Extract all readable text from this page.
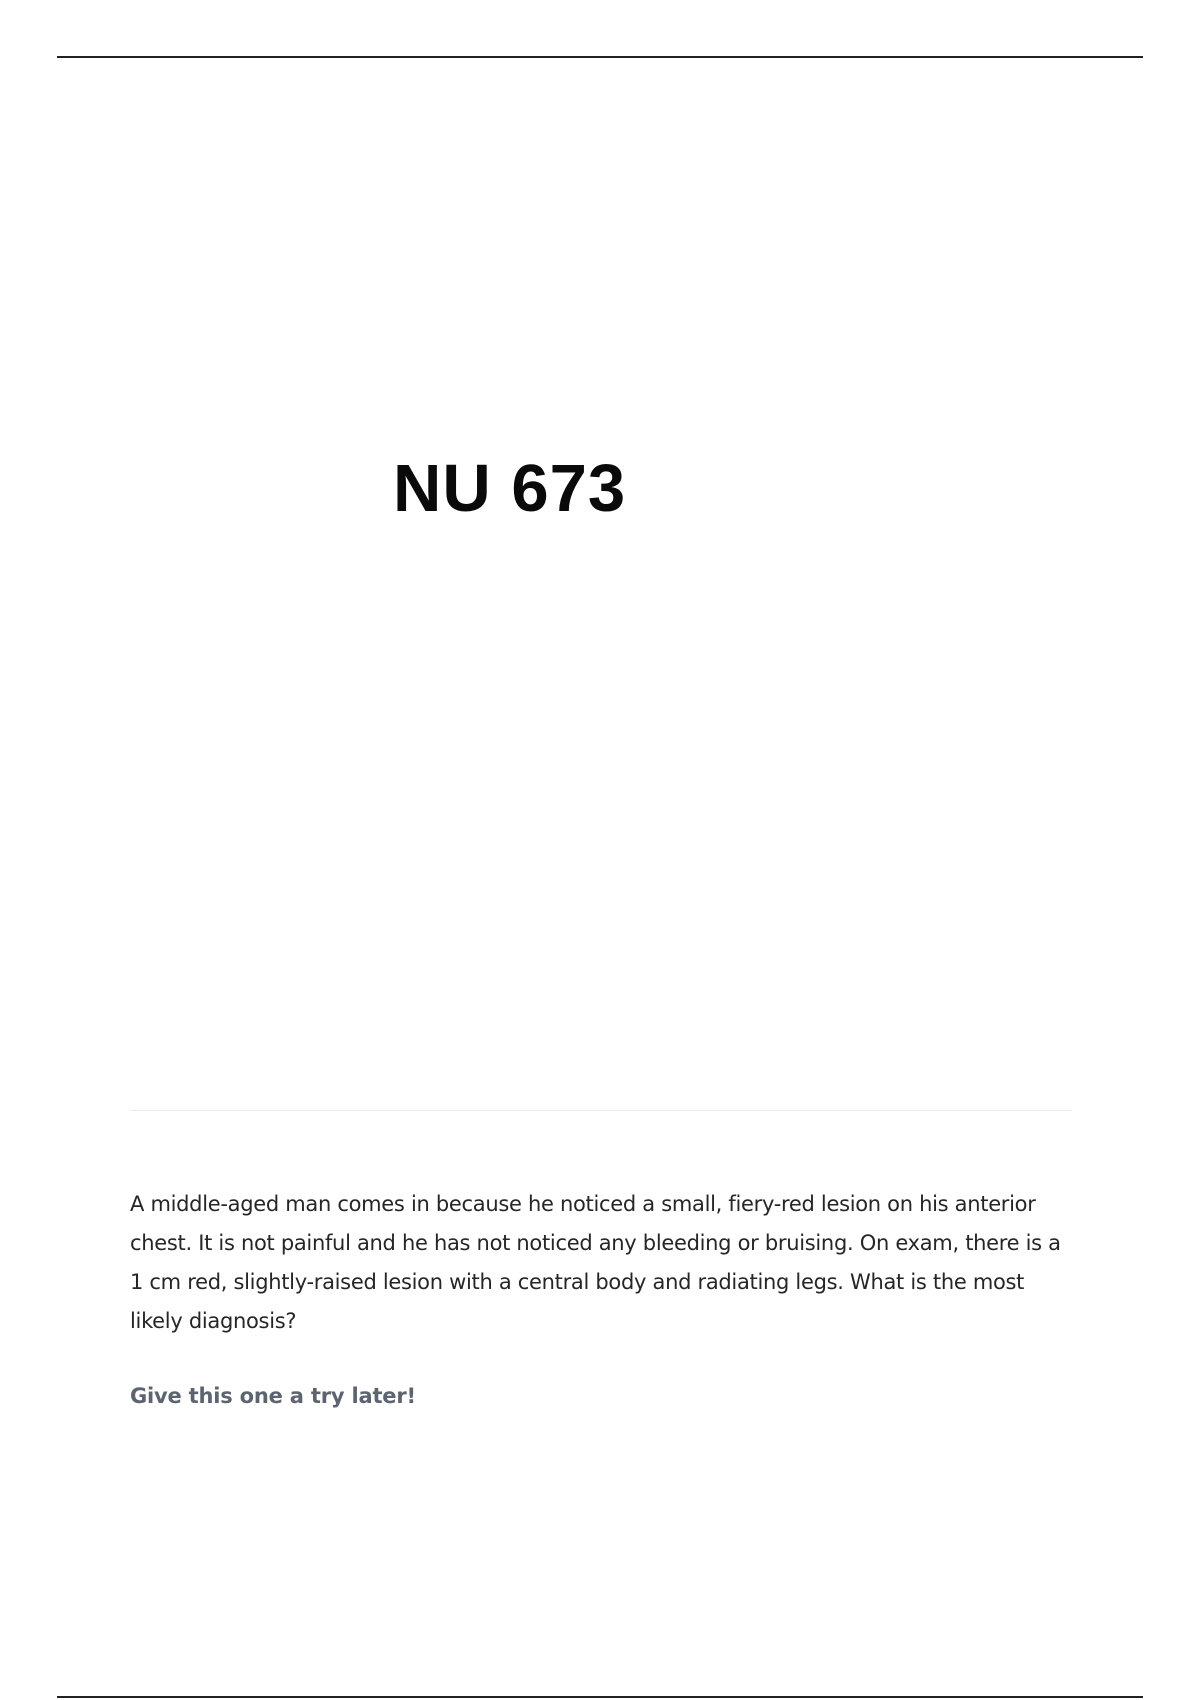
NU 673

A middle-aged man comes in because he noticed a small, fiery-red lesion on his anterior chest. It is not painful and he has not noticed any bleeding or bruising. On exam, there is a 1 cm red, slightly-raised lesion with a central body and radiating legs. What is the most likely diagnosis?

Give this one a try later!
